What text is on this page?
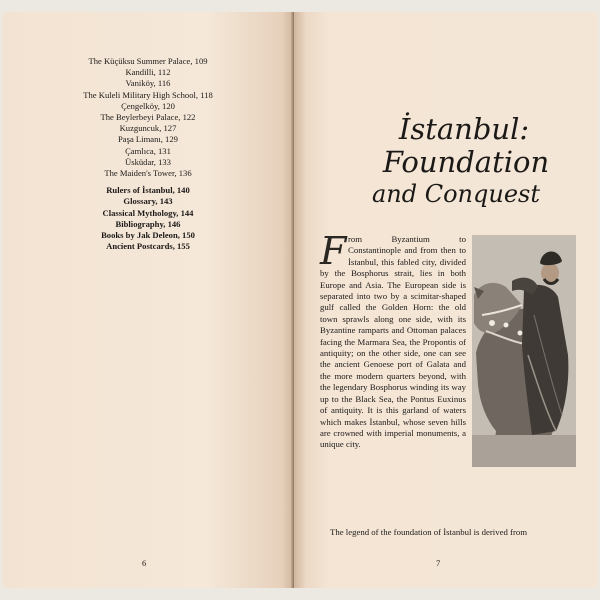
The Küçüksu Summer Palace, 109
Kandilli, 112
Vaniköy, 116
The Kuleli Military High School, 118
Çengelköy, 120
The Beylerbeyi Palace, 122
Kuzguncuk, 127
Paşa Limanı, 129
Çamlıca, 131
Üsküdar, 133
The Maiden's Tower, 136
Rulers of İstanbul, 140
Glossary, 143
Classical Mythology, 144
Bibliography, 146
Books by Jak Deleon, 150
Ancient Postcards, 155
6
İstanbul:
Foundation
and Conquest
F rom Byzantium to Constantinople and from then to İstanbul, this fabled city, divided by the Bosphorus strait, lies in both Europe and Asia. The European side is separated into two by a scimitar-shaped gulf called the Golden Horn: the old town sprawls along one side, with its Byzantine ramparts and Ottoman palaces facing the Marmara Sea, the Propontis of antiquity; on the other side, one can see the ancient Genoese port of Galata and the more modern quarters beyond, with the legendary Bosphorus winding its way up to the Black Sea, the Pontus Euxinus of antiquity. It is this garland of waters which makes İstanbul, whose seven hills are crowned with imperial monuments, a unique city.
The legend of the foundation of İstanbul is derived from
7
